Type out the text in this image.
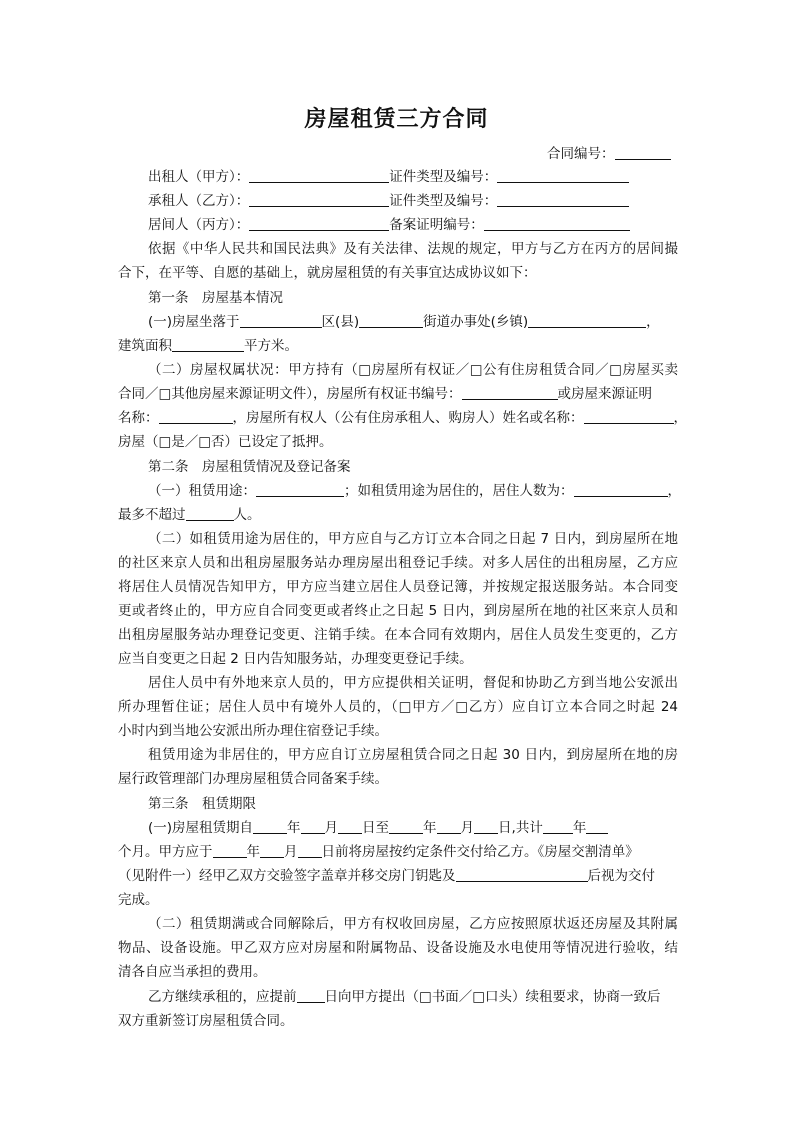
房屋租赁三方合同
合同编号：
出租人（甲方）：	证件类型及编号：
承租人（乙方）：	证件类型及编号：
居间人（丙方）：	备案证明编号：
依据《中华人民共和国民法典》及有关法律、法规的规定，甲方与乙方在丙方的居间撮
合下，在平等、自愿的基础上，就房屋租赁的有关事宜达成协议如下：
第一条　房屋基本情况
(一)房屋坐落于	区(县)	街道办事处(乡镇)	，
建筑面积	平方米。
（二）房屋权属状况：甲方持有（□房屋所有权证／□公有住房租赁合同／□房屋买卖
合同／□其他房屋来源证明文件），房屋所有权证书编号：	或房屋来源证明
名称：	，房屋所有权人（公有住房承租人、购房人）姓名或名称：	，
房屋（□是／□否）已设定了抵押。
第二条　房屋租赁情况及登记备案
（一）租赁用途：	；如租赁用途为居住的，居住人数为：	，
最多不超过	人。
（二）如租赁用途为居住的，甲方应自与乙方订立本合同之日起 7 日内，到房屋所在地
的社区来京人员和出租房屋服务站办理房屋出租登记手续。对多人居住的出租房屋，乙方应
将居住人员情况告知甲方，甲方应当建立居住人员登记簿，并按规定报送服务站。本合同变
更或者终止的，甲方应自合同变更或者终止之日起 5 日内，到房屋所在地的社区来京人员和
出租房屋服务站办理登记变更、注销手续。在本合同有效期内，居住人员发生变更的，乙方
应当自变更之日起 2 日内告知服务站，办理变更登记手续。
居住人员中有外地来京人员的，甲方应提供相关证明，督促和协助乙方到当地公安派出
所办理暂住证；居住人员中有境外人员的，（□甲方／□乙方）应自订立本合同之时起 24
小时内到当地公安派出所办理住宿登记手续。
租赁用途为非居住的，甲方应自订立房屋租赁合同之日起 30 日内，到房屋所在地的房
屋行政管理部门办理房屋租赁合同备案手续。
第三条　租赁期限
(一)房屋租赁期自	年 月 日至	年 月 日,共计 年
个月。甲方应于	年 月 日前将房屋按约定条件交付给乙方。《房屋交割清单》
（见附件一）经甲乙双方交验签字盖章并移交房门钥匙及	后视为交付
完成。
（二）租赁期满或合同解除后，甲方有权收回房屋，乙方应按照原状返还房屋及其附属
物品、设备设施。甲乙双方应对房屋和附属物品、设备设施及水电使用等情况进行验收，结
清各自应当承担的费用。
乙方继续承租的，应提前 日向甲方提出（□书面／□口头）续租要求，协商一致后
双方重新签订房屋租赁合同。
